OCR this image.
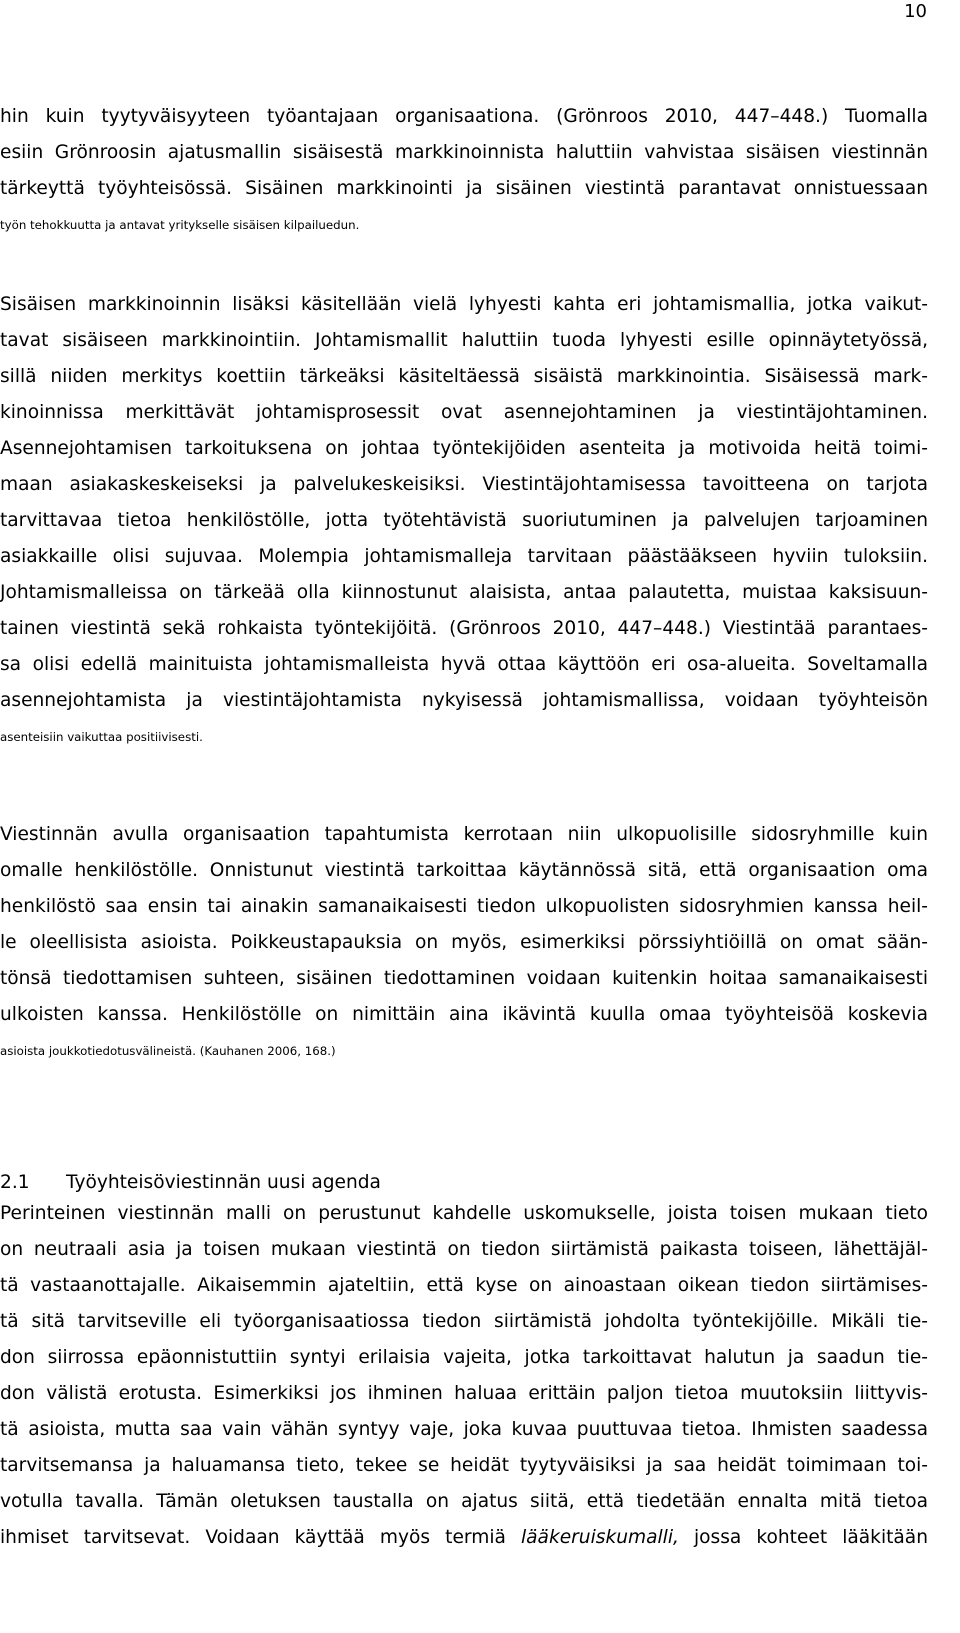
10
hin kuin tyytyväisyyteen työantajaan organisaationa. (Grönroos 2010, 447–448.) Tuomalla
esiin Grönroosin ajatusmallin sisäisestä markkinoinnista haluttiin vahvistaa sisäisen viestinnän
tärkeyttä työyhteisössä. Sisäinen markkinointi ja sisäinen viestintä parantavat onnistuessaan
työn tehokkuutta ja antavat yritykselle sisäisen kilpailuedun.
Sisäisen markkinoinnin lisäksi käsitellään vielä lyhyesti kahta eri johtamismallia, jotka vaikut-
tavat sisäiseen markkinointiin. Johtamismallit haluttiin tuoda lyhyesti esille opinnäytetyössä,
sillä niiden merkitys koettiin tärkeäksi käsiteltäessä sisäistä markkinointia. Sisäisessä mark-
kinoinnissa merkittävät johtamisprosessit ovat asennejohtaminen ja viestintäjohtaminen.
Asennejohtamisen tarkoituksena on johtaa työntekijöiden asenteita ja motivoida heitä toimi-
maan asiakaskeskeiseksi ja palvelukeskeisiksi. Viestintäjohtamisessa tavoitteena on tarjota
tarvittavaa tietoa henkilöstölle, jotta työtehtävistä suoriutuminen ja palvelujen tarjoaminen
asiakkaille olisi sujuvaa. Molempia johtamismalleja tarvitaan päästääkseen hyviin tuloksiin.
Johtamismalleissa on tärkeää olla kiinnostunut alaisista, antaa palautetta, muistaa kaksisuun-
tainen viestintä sekä rohkaista työntekijöitä. (Grönroos 2010, 447–448.) Viestintää parantaes-
sa olisi edellä mainituista johtamismalleista hyvä ottaa käyttöön eri osa-alueita. Soveltamalla
asennejohtamista ja viestintäjohtamista nykyisessä johtamismallissa, voidaan työyhteisön
asenteisiin vaikuttaa positiivisesti.
Viestinnän avulla organisaation tapahtumista kerrotaan niin ulkopuolisille sidosryhmille kuin
omalle henkilöstölle. Onnistunut viestintä tarkoittaa käytännössä sitä, että organisaation oma
henkilöstö saa ensin tai ainakin samanaikaisesti tiedon ulkopuolisten sidosryhmien kanssa heil-
le oleellisista asioista. Poikkeustapauksia on myös, esimerkiksi pörssiyhtiöillä on omat sään-
tönsä tiedottamisen suhteen, sisäinen tiedottaminen voidaan kuitenkin hoitaa samanaikaisesti
ulkoisten kanssa. Henkilöstölle on nimittäin aina ikävintä kuulla omaa työyhteisöä koskevia
asioista joukkotiedotusvälineistä. (Kauhanen 2006, 168.)
2.1 Työyhteisöviestinnän uusi agenda
Perinteinen viestinnän malli on perustunut kahdelle uskomukselle, joista toisen mukaan tieto
on neutraali asia ja toisen mukaan viestintä on tiedon siirtämistä paikasta toiseen, lähettäjäl-
tä vastaanottajalle. Aikaisemmin ajateltiin, että kyse on ainoastaan oikean tiedon siirtämises-
tä sitä tarvitseville eli työorganisaatiossa tiedon siirtämistä johdolta työntekijöille. Mikäli tie-
don siirrossa epäonnistuttiin syntyi erilaisia vajeita, jotka tarkoittavat halutun ja saadun tie-
don välistä erotusta. Esimerkiksi jos ihminen haluaa erittäin paljon tietoa muutoksiin liittyvis-
tä asioista, mutta saa vain vähän syntyy vaje, joka kuvaa puuttuvaa tietoa. Ihmisten saadessa
tarvitsemansa ja haluamansa tieto, tekee se heidät tyytyväisiksi ja saa heidät toimimaan toi-
votulla tavalla. Tämän oletuksen taustalla on ajatus siitä, että tiedetään ennalta mitä tietoa
ihmiset tarvitsevat. Voidaan käyttää myös termiä lääkeruiskumalli, jossa kohteet lääkitään
